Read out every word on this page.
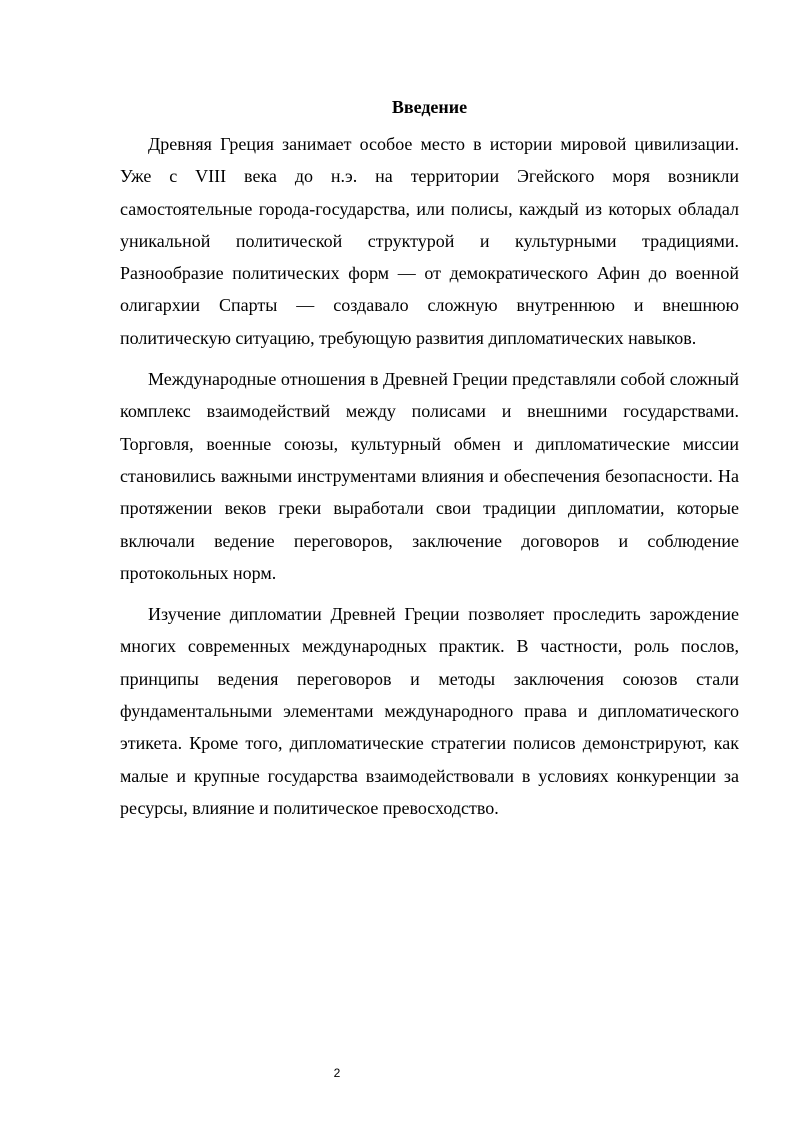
Введение

Древняя Греция занимает особое место в истории мировой цивилизации. Уже с VIII века до н.э. на территории Эгейского моря возникли самостоятельные города-государства, или полисы, каждый из которых обладал уникальной политической структурой и культурными традициями. Разнообразие политических форм — от демократического Афин до военной олигархии Спарты — создавало сложную внутреннюю и внешнюю политическую ситуацию, требующую развития дипломатических навыков.

Международные отношения в Древней Греции представляли собой сложный комплекс взаимодействий между полисами и внешними государствами. Торговля, военные союзы, культурный обмен и дипломатические миссии становились важными инструментами влияния и обеспечения безопасности. На протяжении веков греки выработали свои традиции дипломатии, которые включали ведение переговоров, заключение договоров и соблюдение протокольных норм.

Изучение дипломатии Древней Греции позволяет проследить зарождение многих современных международных практик. В частности, роль послов, принципы ведения переговоров и методы заключения союзов стали фундаментальными элементами международного права и дипломатического этикета. Кроме того, дипломатические стратегии полисов демонстрируют, как малые и крупные государства взаимодействовали в условиях конкуренции за ресурсы, влияние и политическое превосходство.

2
